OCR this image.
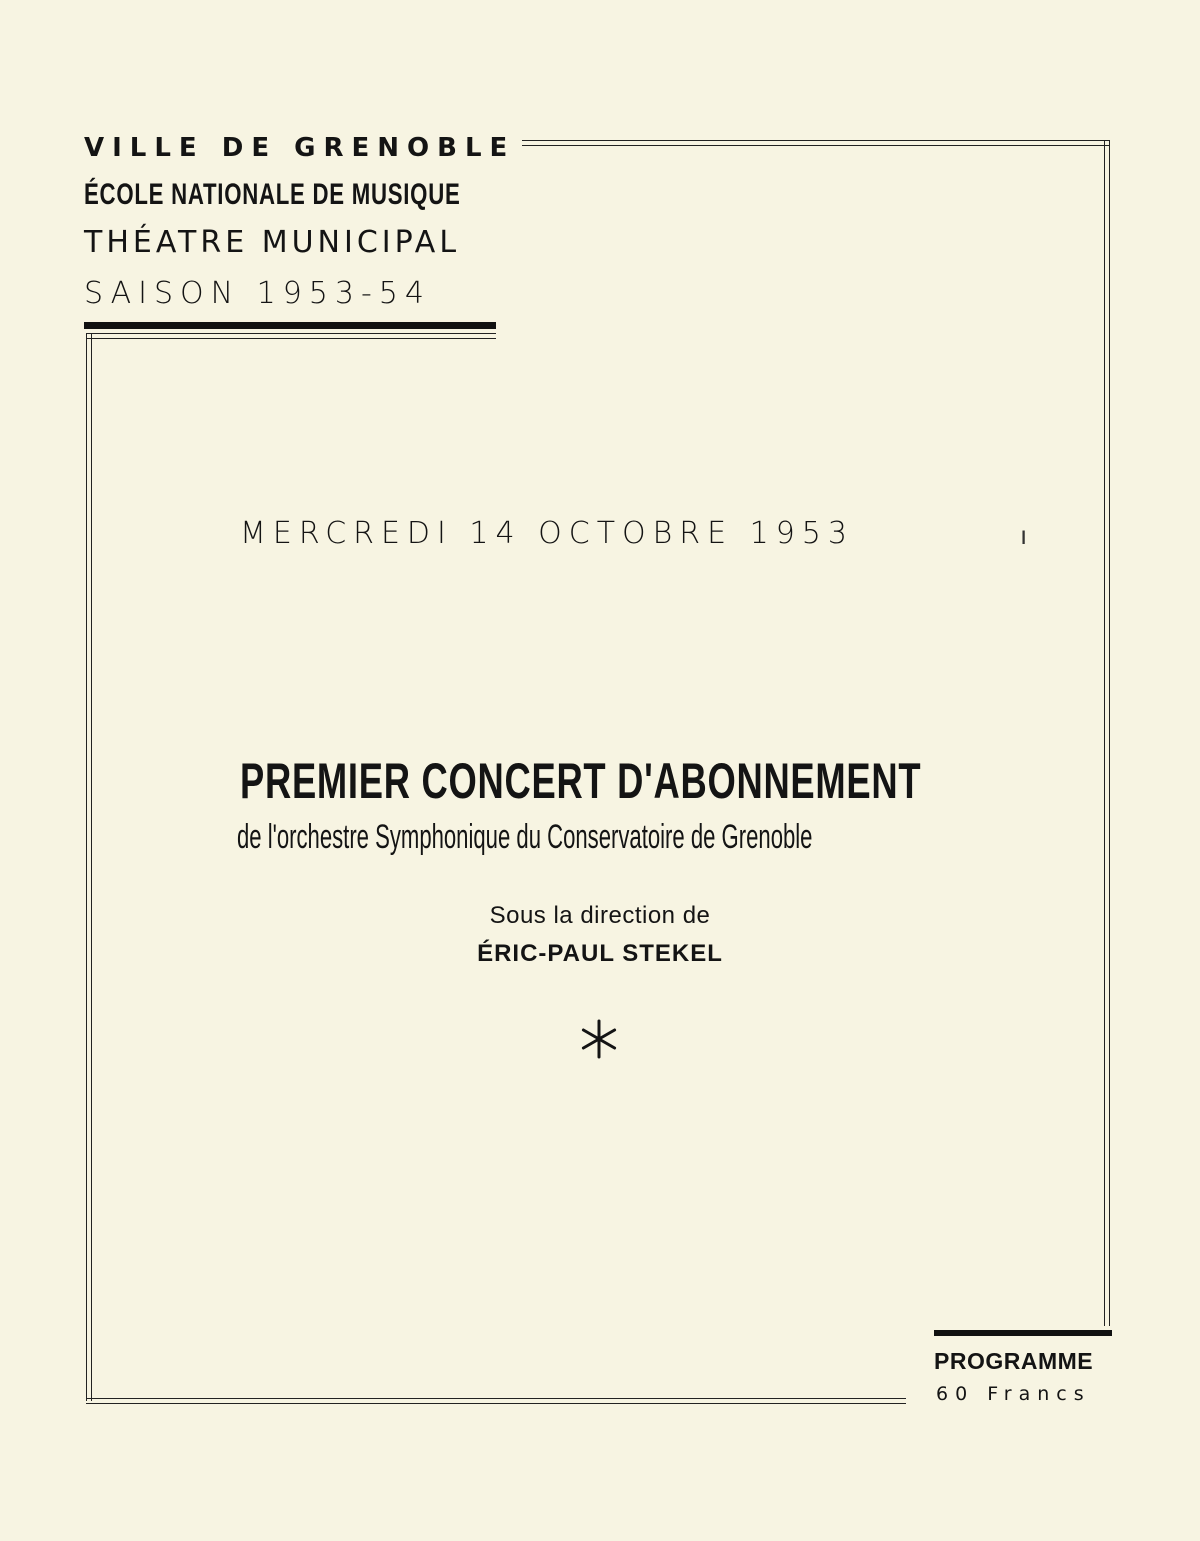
VILLE DE GRENOBLE
ÉCOLE NATIONALE DE MUSIQUE
THÉATRE MUNICIPAL
SAISON 1953-54
MERCREDI 14 OCTOBRE 1953	ı
PREMIER CONCERT D'ABONNEMENT
de l'orchestre Symphonique du Conservatoire de Grenoble
Sous la direction de
ÉRIC-PAUL STEKEL
PROGRAMME
60 Francs
